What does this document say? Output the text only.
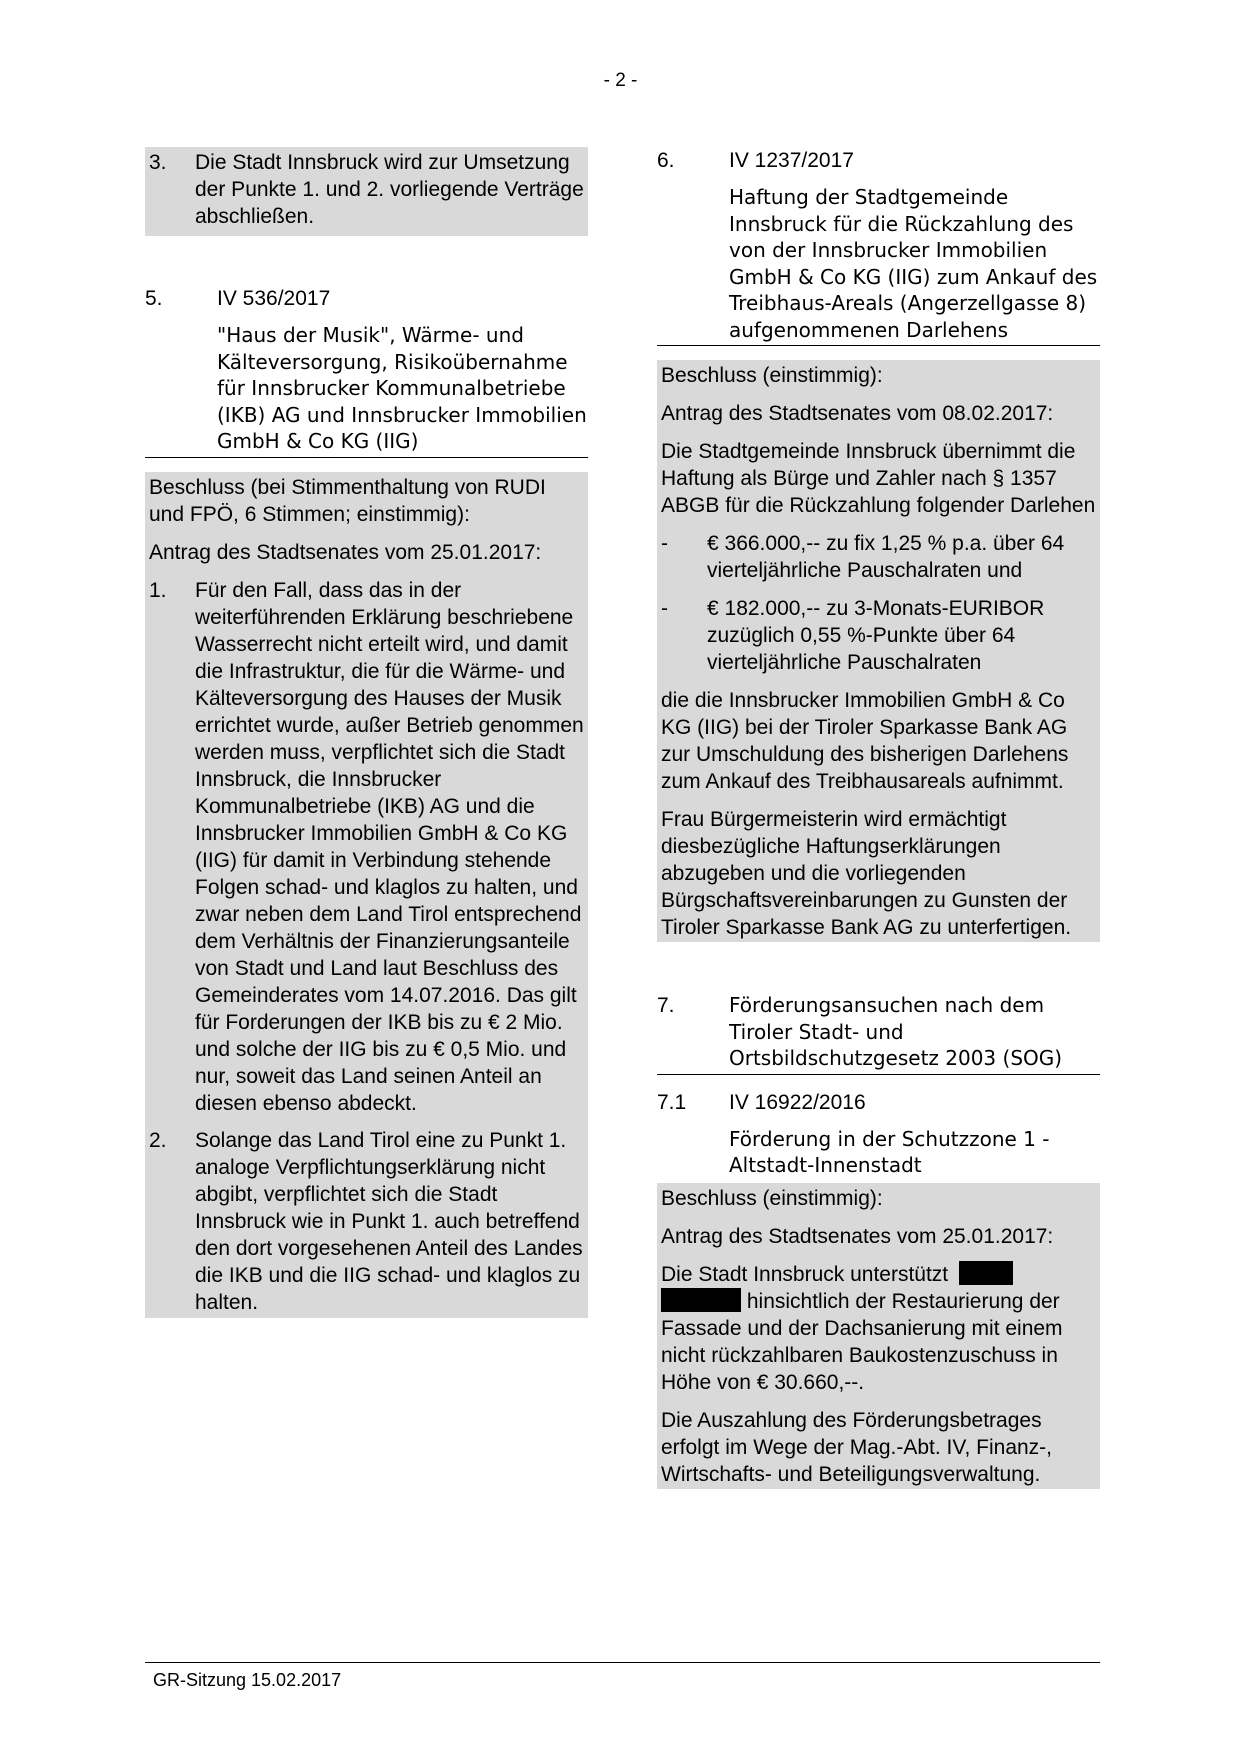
- 2 -
3.	Die Stadt Innsbruck wird zur Umsetzung der Punkte 1. und 2. vorliegende Verträge abschließen.
5.	IV 536/2017
"Haus der Musik", Wärme- und Kälteversorgung, Risikoübernahme für Innsbrucker Kommunalbetriebe (IKB) AG und Innsbrucker Immobilien GmbH & Co KG (IIG)
Beschluss (bei Stimmenthaltung von RUDI und FPÖ, 6 Stimmen; einstimmig):
Antrag des Stadtsenates vom 25.01.2017:
1.	Für den Fall, dass das in der weiterführenden Erklärung beschriebene Wasserrecht nicht erteilt wird, und damit die Infrastruktur, die für die Wärme- und Kälteversorgung des Hauses der Musik errichtet wurde, außer Betrieb genommen werden muss, verpflichtet sich die Stadt Innsbruck, die Innsbrucker Kommunalbetriebe (IKB) AG und die Innsbrucker Immobilien GmbH & Co KG (IIG) für damit in Verbindung stehende Folgen schad- und klaglos zu halten, und zwar neben dem Land Tirol entsprechend dem Verhältnis der Finanzierungsanteile von Stadt und Land laut Beschluss des Gemeinderates vom 14.07.2016. Das gilt für Forderungen der IKB bis zu € 2 Mio. und solche der IIG bis zu € 0,5 Mio. und nur, soweit das Land seinen Anteil an diesen ebenso abdeckt.
2.	Solange das Land Tirol eine zu Punkt 1. analoge Verpflichtungserklärung nicht abgibt, verpflichtet sich die Stadt Innsbruck wie in Punkt 1. auch betreffend den dort vorgesehenen Anteil des Landes die IKB und die IIG schad- und klaglos zu halten.
6.	IV 1237/2017
Haftung der Stadtgemeinde Innsbruck für die Rückzahlung des von der Innsbrucker Immobilien GmbH & Co KG (IIG) zum Ankauf des Treibhaus-Areals (Angerzellgasse 8) aufgenommenen Darlehens
Beschluss (einstimmig):
Antrag des Stadtsenates vom 08.02.2017:
Die Stadtgemeinde Innsbruck übernimmt die Haftung als Bürge und Zahler nach § 1357 ABGB für die Rückzahlung folgender Darlehen
-	€ 366.000,-- zu fix 1,25 % p.a. über 64 vierteljährliche Pauschalraten und
-	€ 182.000,-- zu 3-Monats-EURIBOR zuzüglich 0,55 %-Punkte über 64 vierteljährliche Pauschalraten
die die Innsbrucker Immobilien GmbH & Co KG (IIG) bei der Tiroler Sparkasse Bank AG zur Umschuldung des bisherigen Darlehens zum Ankauf des Treibhausareals aufnimmt.
Frau Bürgermeisterin wird ermächtigt diesbezügliche Haftungserklärungen abzugeben und die vorliegenden Bürgschaftsvereinbarungen zu Gunsten der Tiroler Sparkasse Bank AG zu unterfertigen.
7.	Förderungsansuchen nach dem Tiroler Stadt- und Ortsbildschutzgesetz 2003 (SOG)
7.1	IV 16922/2016
Förderung in der Schutzzone 1 - Altstadt-Innenstadt
Beschluss (einstimmig):
Antrag des Stadtsenates vom 25.01.2017:
Die Stadt Innsbruck unterstützt
hinsichtlich der Restaurierung der Fassade und der Dachsanierung mit einem nicht rückzahlbaren Baukostenzuschuss in Höhe von € 30.660,--.
Die Auszahlung des Förderungsbetrages erfolgt im Wege der Mag.-Abt. IV, Finanz-, Wirtschafts- und Beteiligungsverwaltung.
GR-Sitzung 15.02.2017
